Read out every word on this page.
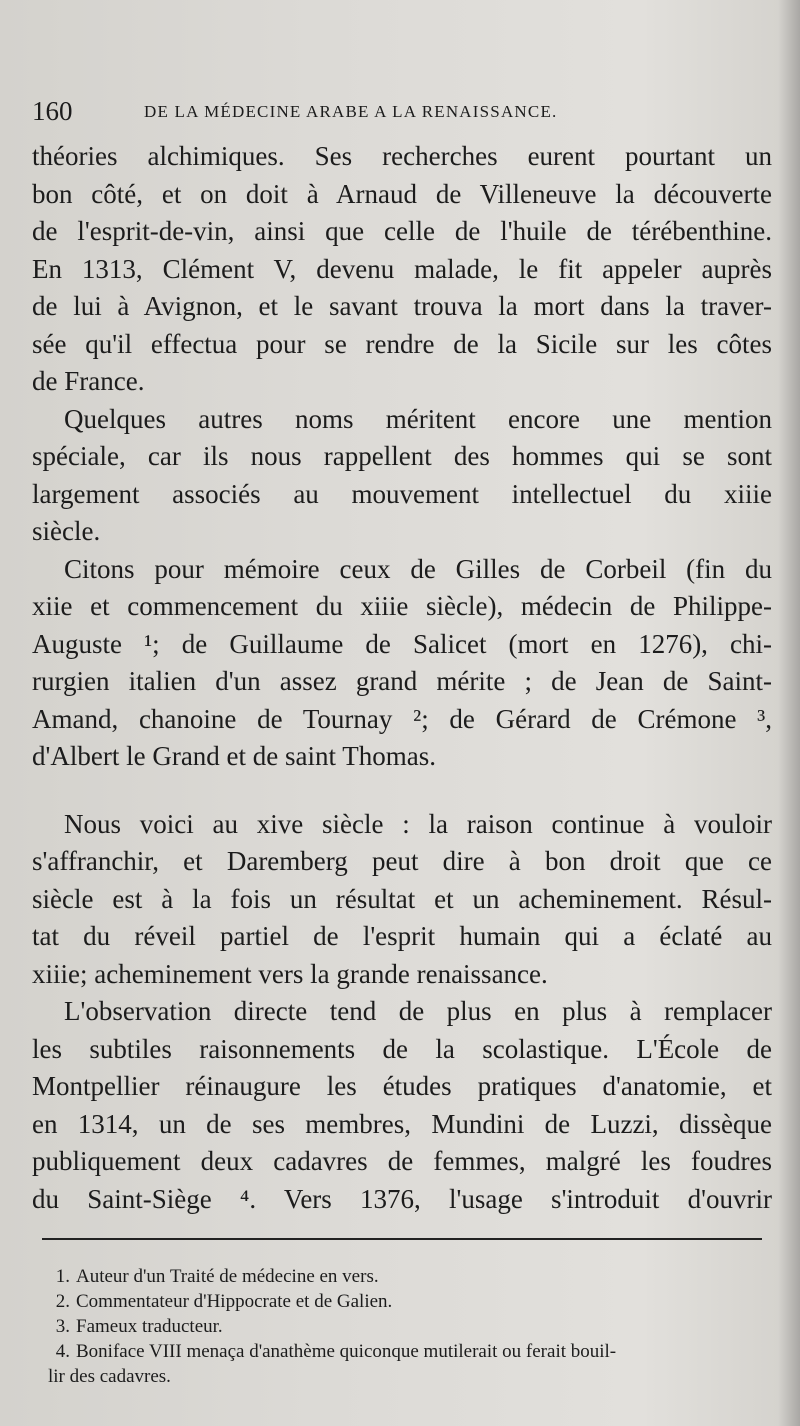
160	DE LA MÉDECINE ARABE A LA RENAISSANCE.
théories alchimiques. Ses recherches eurent pourtant un
bon côté, et on doit à Arnaud de Villeneuve la découverte
de l'esprit-de-vin, ainsi que celle de l'huile de térébenthine.
En 1313, Clément V, devenu malade, le fit appeler auprès
de lui à Avignon, et le savant trouva la mort dans la traver-
sée qu'il effectua pour se rendre de la Sicile sur les côtes
de France.
Quelques autres noms méritent encore une mention
spéciale, car ils nous rappellent des hommes qui se sont
largement associés au mouvement intellectuel du xiiie
siècle.
Citons pour mémoire ceux de Gilles de Corbeil (fin du
xiie et commencement du xiiie siècle), médecin de Philippe-
Auguste ¹; de Guillaume de Salicet (mort en 1276), chi-
rurgien italien d'un assez grand mérite ; de Jean de Saint-
Amand, chanoine de Tournay ²; de Gérard de Crémone ³,
d'Albert le Grand et de saint Thomas.
Nous voici au xive siècle : la raison continue à vouloir
s'affranchir, et Daremberg peut dire à bon droit que ce
siècle est à la fois un résultat et un acheminement. Résul-
tat du réveil partiel de l'esprit humain qui a éclaté au
xiiie; acheminement vers la grande renaissance.
L'observation directe tend de plus en plus à remplacer
les subtiles raisonnements de la scolastique. L'École de
Montpellier réinaugure les études pratiques d'anatomie, et
en 1314, un de ses membres, Mundini de Luzzi, dissèque
publiquement deux cadavres de femmes, malgré les foudres
du Saint-Siège ⁴. Vers 1376, l'usage s'introduit d'ouvrir
1. Auteur d'un Traité de médecine en vers.
2. Commentateur d'Hippocrate et de Galien.
3. Fameux traducteur.
4. Boniface VIII menaça d'anathème quiconque mutilerait ou ferait bouil-
lir des cadavres.
